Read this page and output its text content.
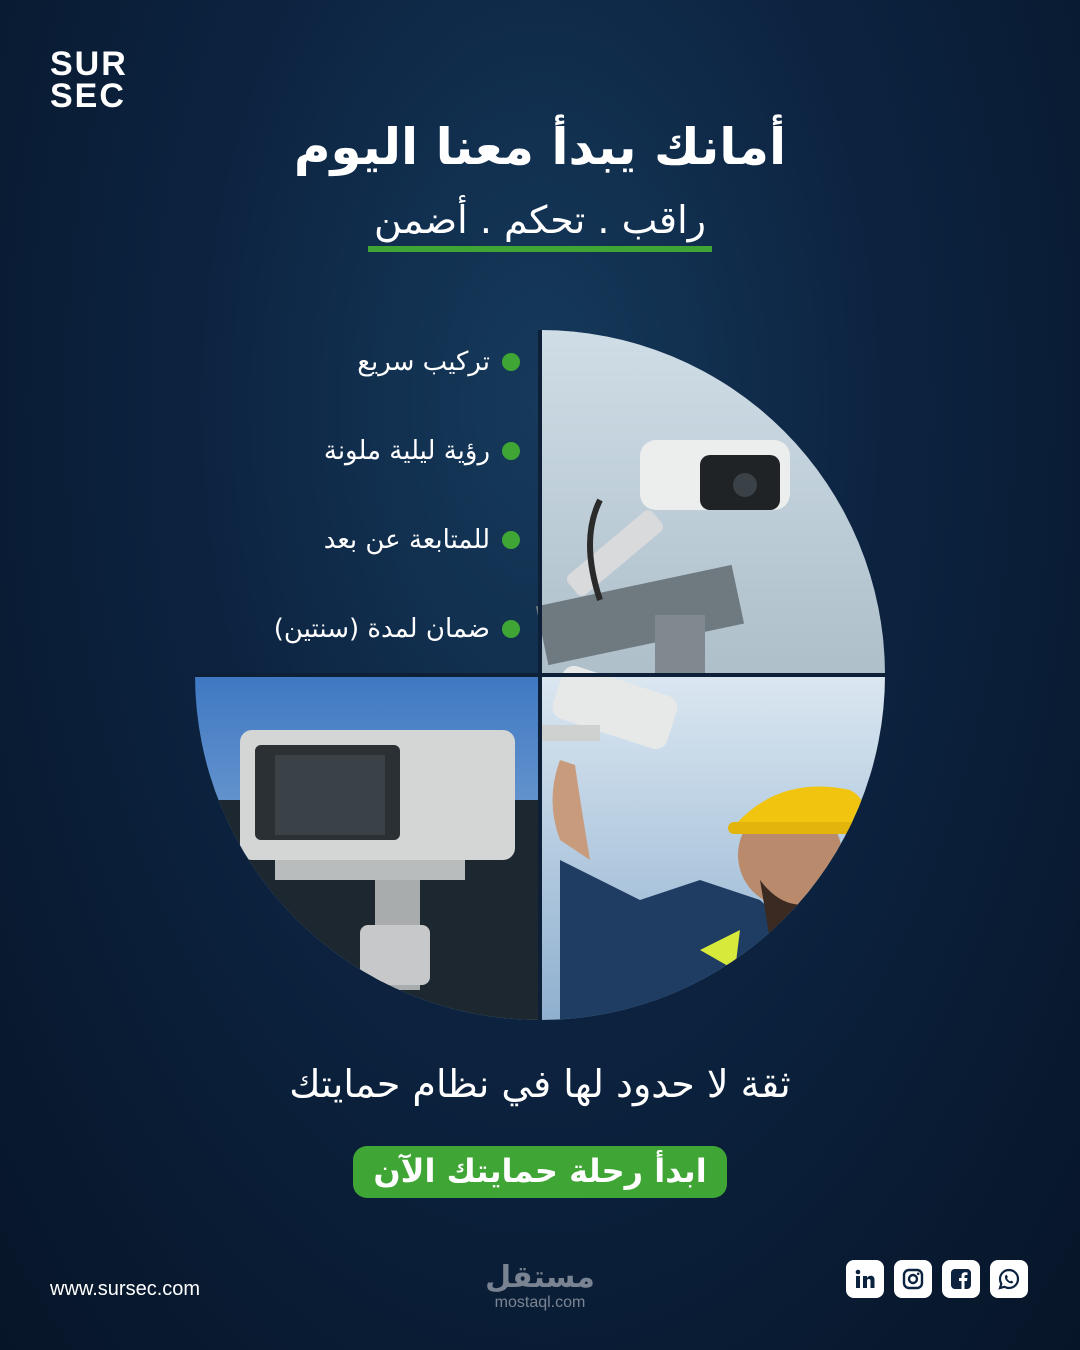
SUR
SEC
أمانك يبدأ معنا اليوم
راقب . تحكم . أضمن
تركيب سريع
رؤية ليلية ملونة
للمتابعة عن بعد
ضمان لمدة (سنتين)
ثقة لا حدود لها في نظام حمايتك
ابدأ رحلة حمايتك الآن
www.sursec.com	مستقل
mostaql.com
